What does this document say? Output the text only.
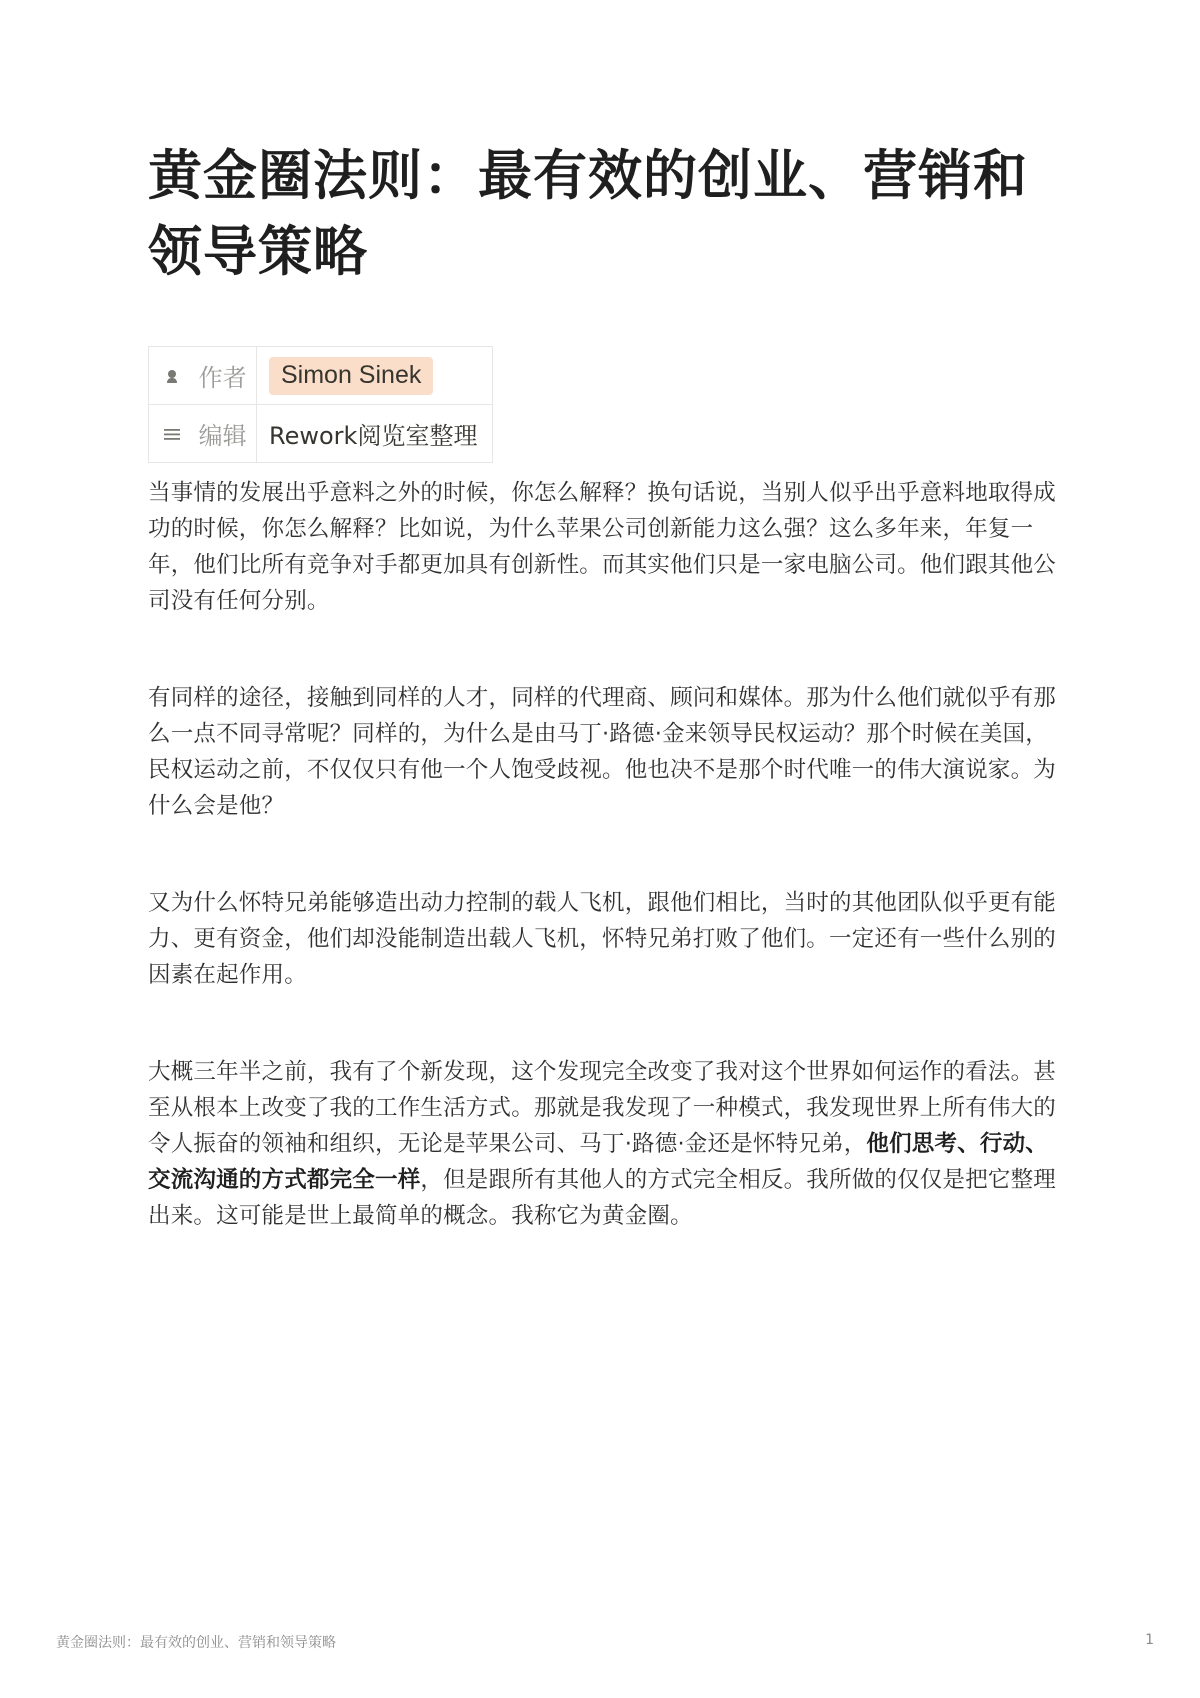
黄金圈法则：最有效的创业、营销和领导策略
作者	Simon Sinek
编辑	Rework阅览室整理

当事情的发展出乎意料之外的时候，你怎么解释？换句话说，当别人似乎出乎意料地取得成功的时候，你怎么解释？比如说，为什么苹果公司创新能力这么强？这么多年来，年复一年，他们比所有竞争对手都更加具有创新性。而其实他们只是一家电脑公司。他们跟其他公司没有任何分别。

有同样的途径，接触到同样的人才，同样的代理商、顾问和媒体。那为什么他们就似乎有那么一点不同寻常呢？同样的，为什么是由马丁·路德·金来领导民权运动？那个时候在美国，民权运动之前，不仅仅只有他一个人饱受歧视。他也决不是那个时代唯一的伟大演说家。为什么会是他？

又为什么怀特兄弟能够造出动力控制的载人飞机，跟他们相比，当时的其他团队似乎更有能力、更有资金，他们却没能制造出载人飞机，怀特兄弟打败了他们。一定还有一些什么别的因素在起作用。

大概三年半之前，我有了个新发现，这个发现完全改变了我对这个世界如何运作的看法。甚至从根本上改变了我的工作生活方式。那就是我发现了一种模式，我发现世界上所有伟大的令人振奋的领袖和组织，无论是苹果公司、马丁·路德·金还是怀特兄弟，他们思考、行动、交流沟通的方式都完全一样，但是跟所有其他人的方式完全相反。我所做的仅仅是把它整理出来。这可能是世上最简单的概念。我称它为黄金圈。

黄金圈法则：最有效的创业、营销和领导策略	1
